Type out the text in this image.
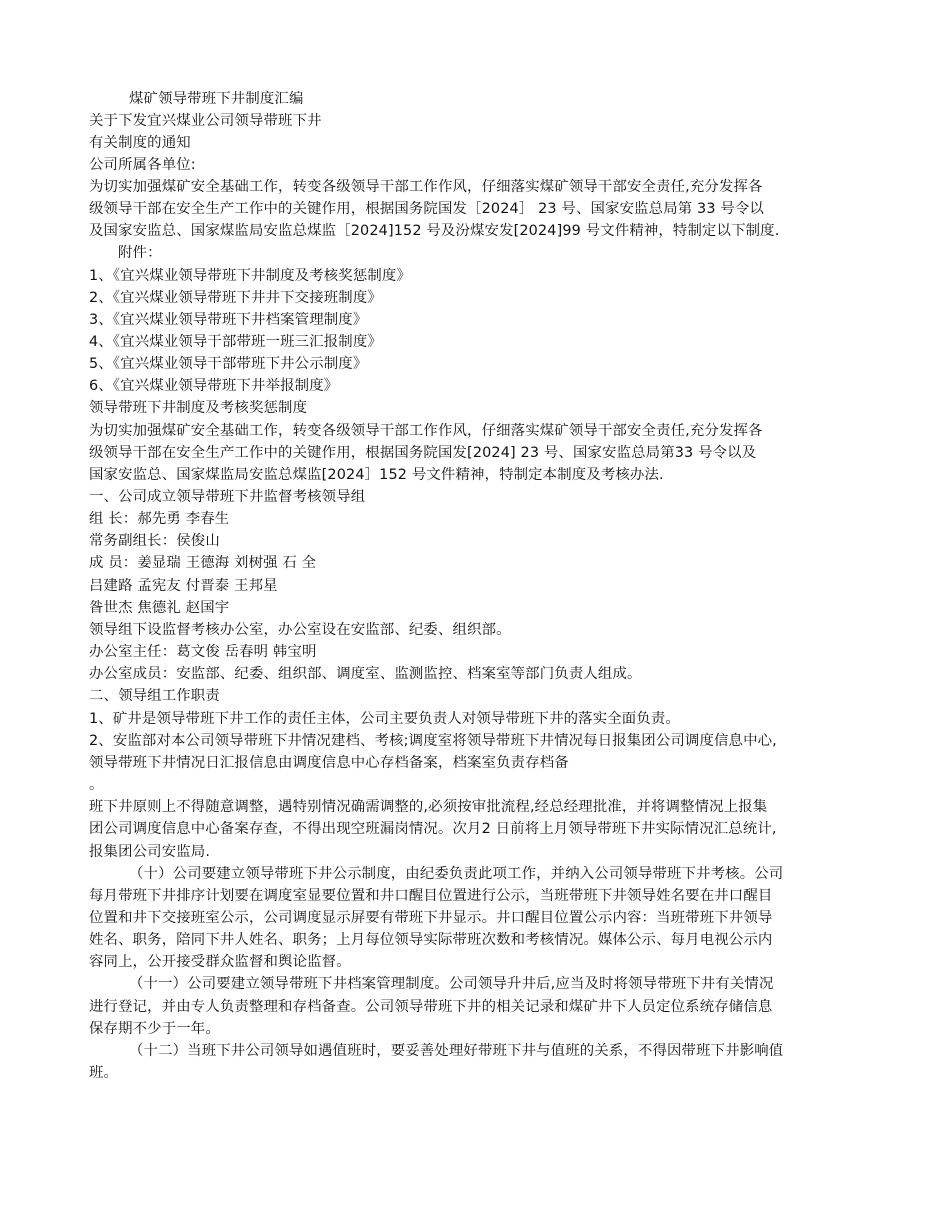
煤矿领导带班下井制度汇编
关于下发宜兴煤业公司领导带班下井
有关制度的通知
公司所属各单位:
为切实加强煤矿安全基础工作，转变各级领导干部工作作风，仔细落实煤矿领导干部安全责任,充分发挥各
级领导干部在安全生产工作中的关键作用，根据国务院国发［2024］ 23 号、国家安监总局第 33 号令以
及国家安监总、国家煤监局安监总煤监［2024]152 号及汾煤安发[2024]99 号文件精神，特制定以下制度.
附件：
1、《宜兴煤业领导带班下井制度及考核奖惩制度》
2、《宜兴煤业领导带班下井井下交接班制度》
3、《宜兴煤业领导带班下井档案管理制度》
4、《宜兴煤业领导干部带班一班三汇报制度》
5、《宜兴煤业领导干部带班下井公示制度》
6、《宜兴煤业领导带班下井举报制度》
领导带班下井制度及考核奖惩制度
为切实加强煤矿安全基础工作，转变各级领导干部工作作风，仔细落实煤矿领导干部安全责任,充分发挥各
级领导干部在安全生产工作中的关键作用，根据国务院国发[2024] 23 号、国家安监总局第33 号令以及
国家安监总、国家煤监局安监总煤监[2024］152 号文件精神，特制定本制度及考核办法.
一、公司成立领导带班下井监督考核领导组
组 长：郝先勇 李春生
常务副组长：侯俊山
成 员：姜显瑞 王德海 刘树强 石 全
吕建路 孟宪友 付晋泰 王邦星
昝世杰 焦德礼 赵国宇
领导组下设监督考核办公室，办公室设在安监部、纪委、组织部。
办公室主任：葛文俊 岳春明 韩宝明
办公室成员：安监部、纪委、组织部、调度室、监测监控、档案室等部门负责人组成。
二、领导组工作职责
1、矿井是领导带班下井工作的责任主体，公司主要负责人对领导带班下井的落实全面负责。
2、安监部对本公司领导带班下井情况建档、考核;调度室将领导带班下井情况每日报集团公司调度信息中心,
领导带班下井情况日汇报信息由调度信息中心存档备案，档案室负责存档备
。
班下井原则上不得随意调整，遇特别情况确需调整的,必须按审批流程,经总经理批准，并将调整情况上报集
团公司调度信息中心备案存查，不得出现空班漏岗情况。次月2 日前将上月领导带班下井实际情况汇总统计,
报集团公司安监局.
（十）公司要建立领导带班下井公示制度，由纪委负责此项工作，并纳入公司领导带班下井考核。公司
每月带班下井排序计划要在调度室显要位置和井口醒目位置进行公示，当班带班下井领导姓名要在井口醒目
位置和井下交接班室公示，公司调度显示屏要有带班下井显示。井口醒目位置公示内容：当班带班下井领导
姓名、职务，陪同下井人姓名、职务；上月每位领导实际带班次数和考核情况。媒体公示、每月电视公示内
容同上，公开接受群众监督和舆论监督。
（十一）公司要建立领导带班下井档案管理制度。公司领导升井后,应当及时将领导带班下井有关情况
进行登记，并由专人负责整理和存档备查。公司领导带班下井的相关记录和煤矿井下人员定位系统存储信息
保存期不少于一年。
（十二）当班下井公司领导如遇值班时，要妥善处理好带班下井与值班的关系，不得因带班下井影响值
班。
